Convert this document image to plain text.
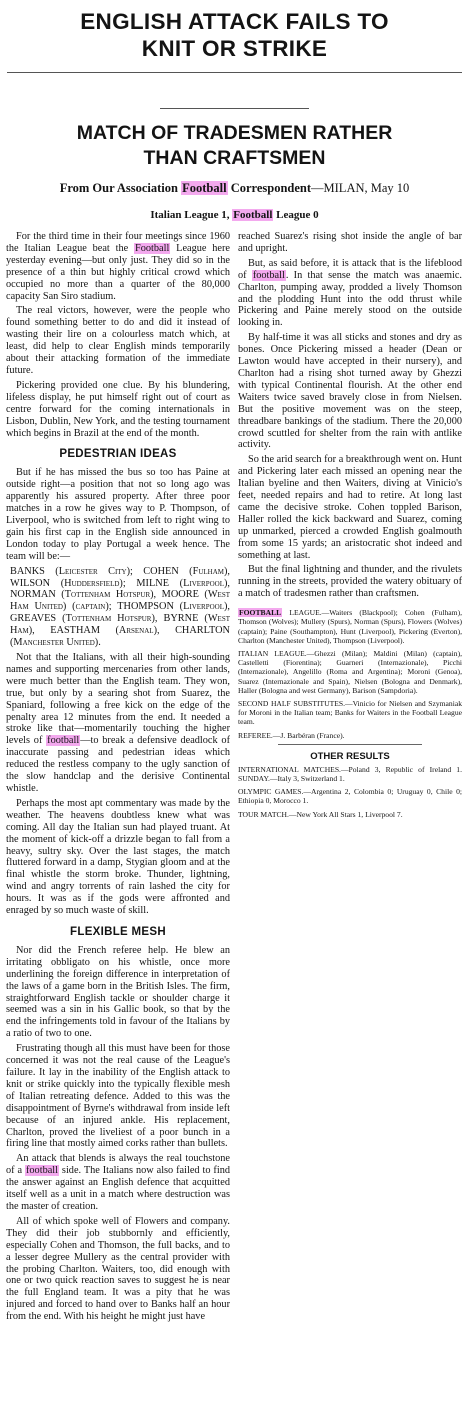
ENGLISH ATTACK FAILS TO
KNIT OR STRIKE
MATCH OF TRADESMEN RATHER
THAN CRAFTSMEN
From Our Association Football Correspondent—MILAN, May 10
Italian League 1, Football League 0

For the third time in their four meetings since 1960 the Italian League beat the Football League here yesterday evening—but only just. They did so in the presence of a thin but highly critical crowd which occupied no more than a quarter of the 80,000 capacity San Siro stadium.

The real victors, however, were the people who found something better to do and did it instead of wasting their lire on a colourless match which, at least, did help to clear English minds temporarily about their attacking formation of the immediate future.

Pickering provided one clue. By his blundering, lifeless display, he put himself right out of court as centre forward for the coming internationals in Lisbon, Dublin, New York, and the testing tournament which begins in Brazil at the end of the month.

PEDESTRIAN IDEAS

But if he has missed the bus so too has Paine at outside right—a position that not so long ago was apparently his assured property. After three poor matches in a row he gives way to P. Thompson, of Liverpool, who is switched from left to right wing to gain his first cap in the English side announced in London today to play Portugal a week hence. The team will be:—

BANKS (Leicester City); COHEN (Fulham), WILSON (Huddersfield); MILNE (Liverpool), NORMAN (Tottenham Hotspur), MOORE (West Ham United) (captain); THOMPSON (Liverpool), GREAVES (Tottenham Hotspur), BYRNE (West Ham), EASTHAM (Arsenal), CHARLTON (Manchester United).

Not that the Italians, with all their high-sounding names and supporting mercenaries from other lands, were much better than the English team. They won, true, but only by a searing shot from Suarez, the Spaniard, following a free kick on the edge of the penalty area 12 minutes from the end. It needed a stroke like that—momentarily touching the higher levels of football—to break a defensive deadlock of inaccurate passing and pedestrian ideas which reduced the restless company to the ugly sanction of the slow handclap and the derisive Continental whistle.

Perhaps the most apt commentary was made by the weather. The heavens doubtless knew what was coming. All day the Italian sun had played truant. At the moment of kick-off a drizzle began to fall from a heavy, sultry sky. Over the last stages, the match fluttered forward in a damp, Stygian gloom and at the final whistle the storm broke. Thunder, lightning, wind and angry torrents of rain lashed the city for hours. It was as if the gods were affronted and enraged by so much waste of skill.

FLEXIBLE MESH

Nor did the French referee help. He blew an irritating obbligato on his whistle, once more underlining the foreign difference in interpretation of the laws of a game born in the British Isles. The firm, straightforward English tackle or shoulder charge it seemed was a sin in his Gallic book, so that by the end the infringements told in favour of the Italians by a ratio of two to one.

Frustrating though all this must have been for those concerned it was not the real cause of the League's failure. It lay in the inability of the English attack to knit or strike quickly into the typically flexible mesh of Italian retreating defence. Added to this was the disappointment of Byrne's withdrawal from inside left because of an injured ankle. His replacement, Charlton, proved the liveliest of a poor bunch in a firing line that mostly aimed corks rather than bullets.

An attack that blends is always the real touchstone of a football side. The Italians now also failed to find the answer against an English defence that acquitted itself well as a unit in a match where destruction was the master of creation.

All of which spoke well of Flowers and company. They did their job stubbornly and efficiently, especially Cohen and Thomson, the full backs, and to a lesser degree Mullery as the central provider with the probing Charlton. Waiters, too, did enough with one or two quick reaction saves to suggest he is near the full England team. It was a pity that he was injured and forced to hand over to Banks half an hour from the end. With his height he might just have

reached Suarez's rising shot inside the angle of bar and upright.

But, as said before, it is attack that is the lifeblood of football. In that sense the match was anaemic. Charlton, pumping away, prodded a lively Thomson and the plodding Hunt into the odd thrust while Pickering and Paine merely stood on the outside looking in.

By half-time it was all sticks and stones and dry as bones. Once Pickering missed a header (Dean or Lawton would have accepted in their nursery), and Charlton had a rising shot turned away by Ghezzi with typical Continental flourish. At the other end Waiters twice saved bravely close in from Nielsen. But the positive movement was on the steep, threadbare bankings of the stadium. There the 20,000 crowd scuttled for shelter from the rain with antlike activity.

So the arid search for a breakthrough went on. Hunt and Pickering later each missed an opening near the Italian byeline and then Waiters, diving at Vinicio's feet, needed repairs and had to retire. At long last came the decisive stroke. Cohen toppled Barison, Haller rolled the kick backward and Suarez, coming up unmarked, pierced a crowded English goalmouth from some 15 yards; an aristocratic shot indeed and something at last.

But the final lightning and thunder, and the rivulets running in the streets, provided the watery obituary of a match of tradesmen rather than craftsmen.

FOOTBALL LEAGUE.—Waiters (Blackpool); Cohen (Fulham), Thomson (Wolves); Mullery (Spurs), Norman (Spurs), Flowers (Wolves) (captain); Paine (Southampton), Hunt (Liverpool), Pickering (Everton), Charlton (Manchester United), Thompson (Liverpool).

ITALIAN LEAGUE.—Ghezzi (Milan); Maldini (Milan) (captain), Castelletti (Fiorentina); Guarneri (Internazionale), Picchi (Internazionale), Angelillo (Roma and Argentina); Moroni (Genoa), Suarez (Internazionale and Spain), Nielsen (Bologna and Denmark), Haller (Bologna and west Germany), Barison (Sampdoria).

SECOND HALF SUBSTITUTES.—Vinicio for Nielsen and Szymaniak for Moroni in the Italian team; Banks for Waiters in the Football League team.

REFEREE.—J. Barbéran (France).

OTHER RESULTS

INTERNATIONAL MATCHES.—Poland 3, Republic of Ireland 1. SUNDAY.—Italy 3, Switzerland 1.

OLYMPIC GAMES.—Argentina 2, Colombia 0; Uruguay 0, Chile 0; Ethiopia 0, Morocco 1.

TOUR MATCH.—New York All Stars 1, Liverpool 7.
